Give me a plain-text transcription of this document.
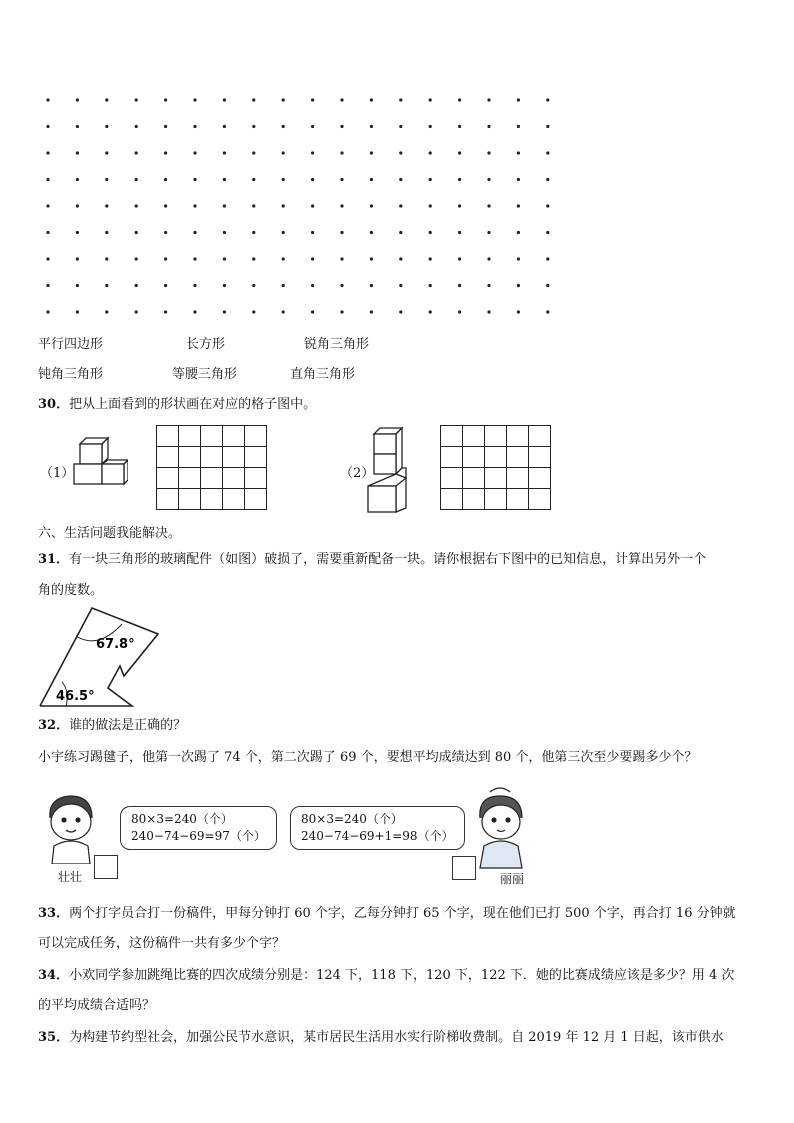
平行四边形	长方形	锐角三角形
钝角三角形	等腰三角形	直角三角形
30．把从上面看到的形状画在对应的格子图中。
（1）

					（2）

六、生活问题我能解决。
31．有一块三角形的玻璃配件（如图）破损了，需要重新配备一块。请你根据右下图中的已知信息，计算出另外一个
角的度数。
67.8°
46.5°
32．谁的做法是正确的？
小宇练习踢毽子，他第一次踢了 74 个，第二次踢了 69 个，要想平均成绩达到 80 个，他第三次至少要踢多少个？
80×3=240（个）
240−74−69=97（个）
壮壮
80×3=240（个）
240−74−69+1=98（个）
丽丽
33．两个打字员合打一份稿件，甲每分钟打 60 个字，乙每分钟打 65 个字，现在他们已打 500 个字，再合打 16 分钟就
可以完成任务，这份稿件一共有多少个字？
34．小欢同学参加跳绳比赛的四次成绩分别是：124 下，118 下，120 下，122 下．她的比赛成绩应该是多少？用 4 次
的平均成绩合适吗？
35．为构建节约型社会，加强公民节水意识，某市居民生活用水实行阶梯收费制。自 2019 年 12 月 1 日起，该市供水
